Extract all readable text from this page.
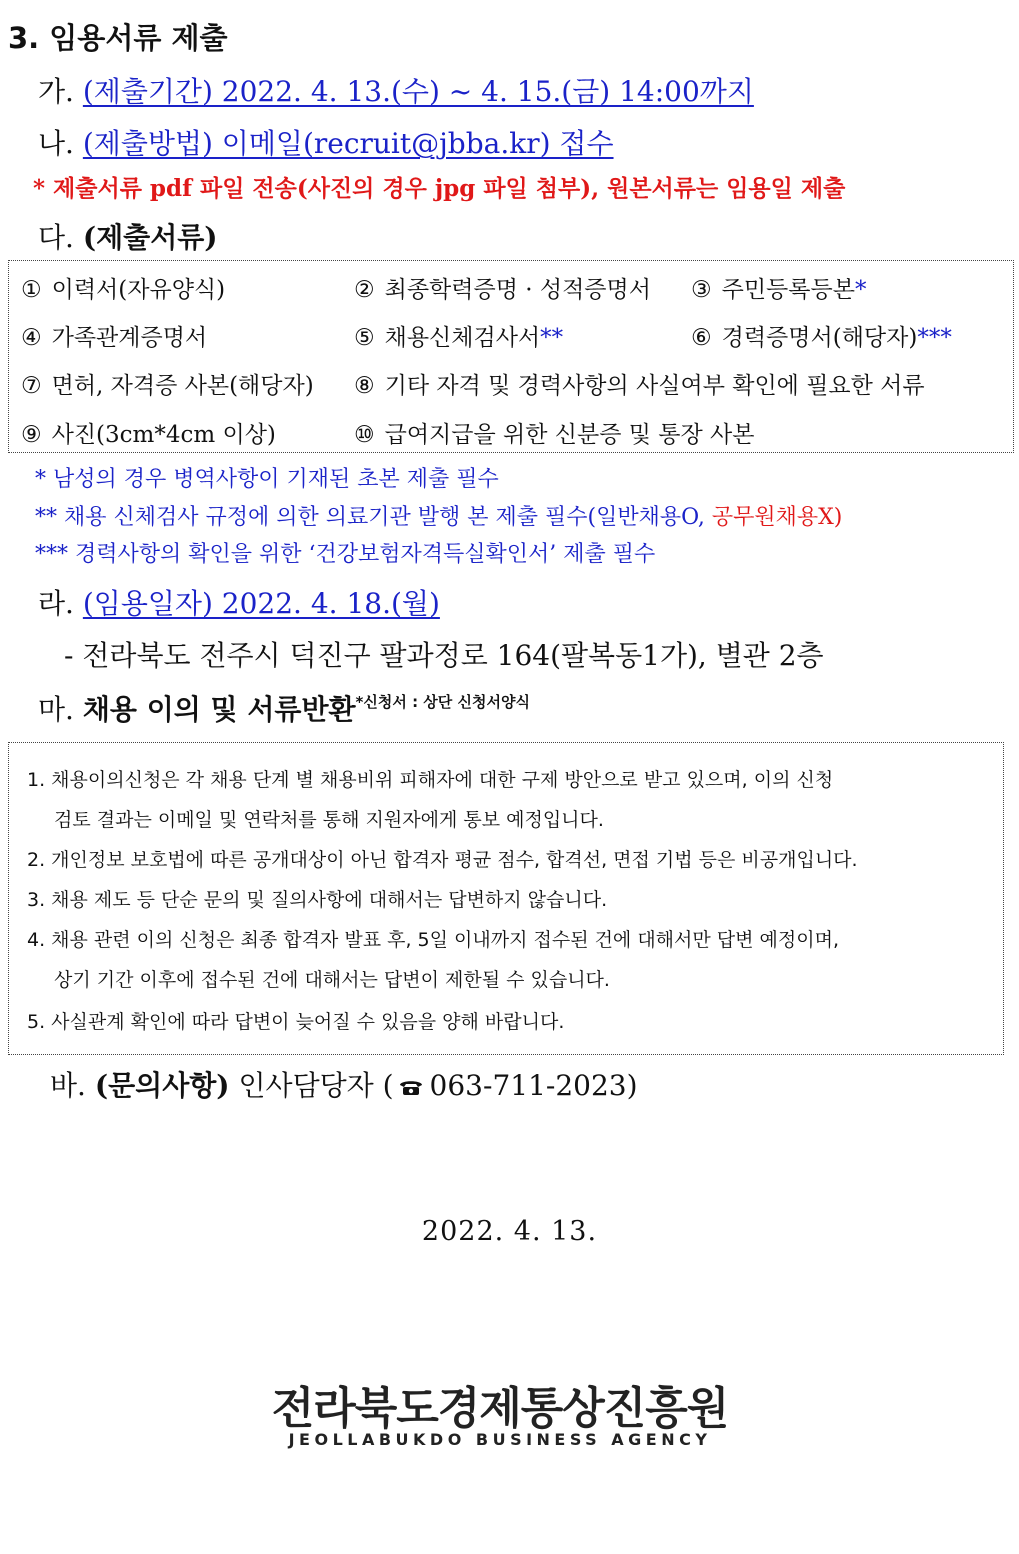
3. 임용서류 제출
가. (제출기간) 2022. 4. 13.(수) ~ 4. 15.(금) 14:00까지
나. (제출방법) 이메일(recruit@jbba.kr) 접수
* 제출서류 pdf 파일 전송(사진의 경우 jpg 파일 첨부), 원본서류는 임용일 제출
다. (제출서류)
① 이력서(자유양식)	② 최종학력증명 · 성적증명서 ③ 주민등록등본*
④ 가족관계증명서	⑤ 채용신체검사서**	⑥ 경력증명서(해당자)***
⑦ 면허, 자격증 사본(해당자) ⑧ 기타 자격 및 경력사항의 사실여부 확인에 필요한 서류
⑨ 사진(3cm*4cm 이상)	⑩ 급여지급을 위한 신분증 및 통장 사본
* 남성의 경우 병역사항이 기재된 초본 제출 필수
** 채용 신체검사 규정에 의한 의료기관 발행 본 제출 필수(일반채용O, 공무원채용X)
*** 경력사항의 확인을 위한 ‘건강보험자격득실확인서’ 제출 필수
라. (임용일자) 2022. 4. 18.(월)
- 전라북도 전주시 덕진구 팔과정로 164(팔복동1가), 별관 2층
마. 채용 이의 및 서류반환$^{*신청서 : 상단 신청서양식}$
1. 채용이의신청은 각 채용 단계 별 채용비위 피해자에 대한 구제 방안으로 받고 있으며, 이의 신청
검토 결과는 이메일 및 연락처를 통해 지원자에게 통보 예정입니다.
2. 개인정보 보호법에 따른 공개대상이 아닌 합격자 평균 점수, 합격선, 면접 기법 등은 비공개입니다.
3. 채용 제도 등 단순 문의 및 질의사항에 대해서는 답변하지 않습니다.
4. 채용 관련 이의 신청은 최종 합격자 발표 후, 5일 이내까지 접수된 건에 대해서만 답변 예정이며,
상기 기간 이후에 접수된 건에 대해서는 답변이 제한될 수 있습니다.
5. 사실관계 확인에 따라 답변이 늦어질 수 있음을 양해 바랍니다.
바. (문의사항) 인사담당자 ( 063-711-2023)
2022. 4. 13.
전라북도경제통상진흥원
JEOLLABUKDO BUSINESS AGENCY
